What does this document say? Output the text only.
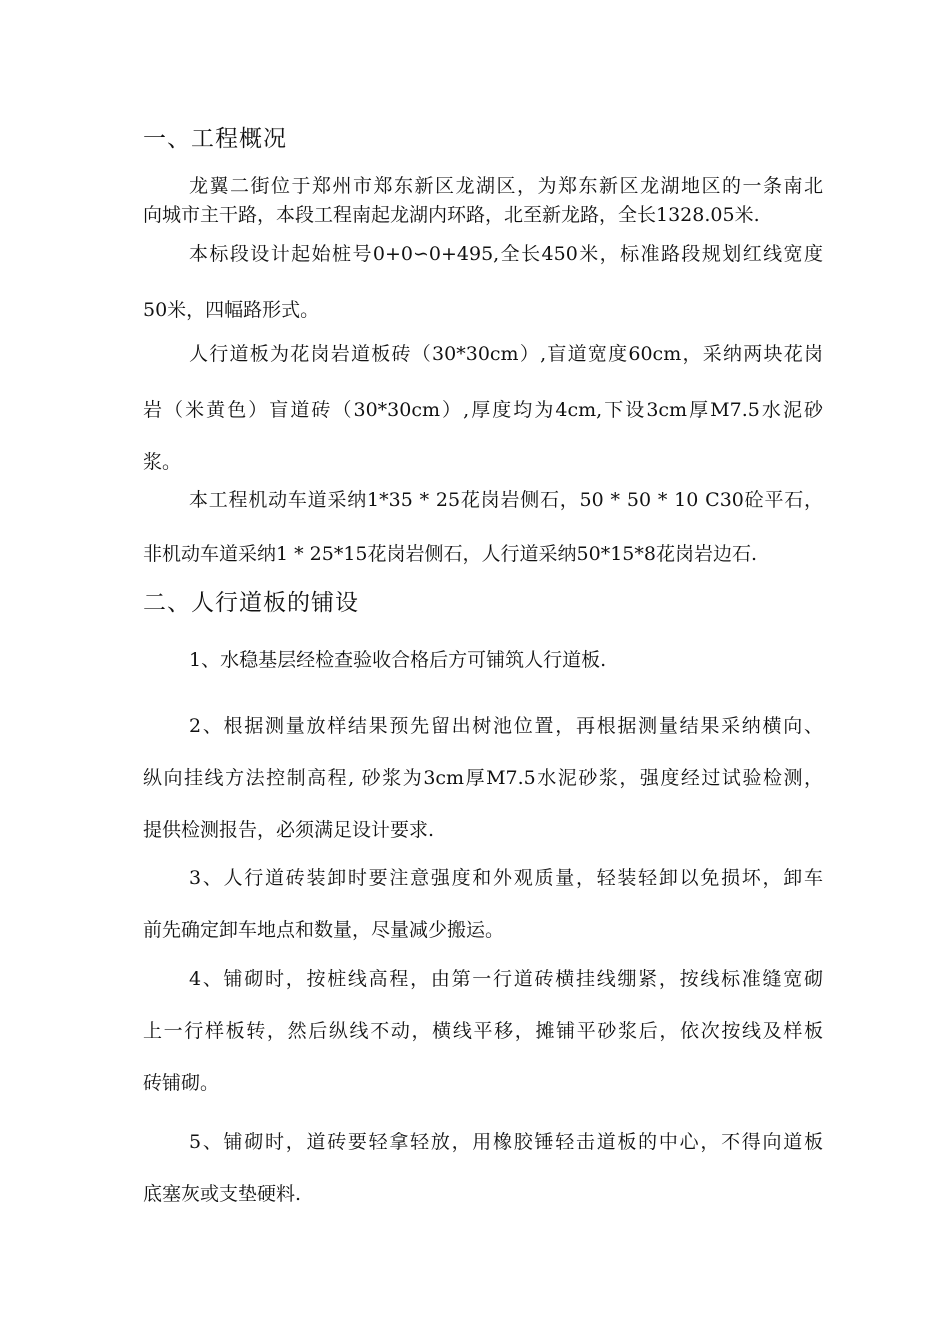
一、工程概况
龙翼二街位于郑州市郑东新区龙湖区，为郑东新区龙湖地区的一条南北
向城市主干路，本段工程南起龙湖内环路，北至新龙路，全长1328.05米.
本标段设计起始桩号0+0∽0+495,全长450米，标准路段规划红线宽度
50米，四幅路形式。
人行道板为花岗岩道板砖（30*30cm）,盲道宽度60cm，采纳两块花岗
岩（米黄色）盲道砖（30*30cm）,厚度均为4cm,下设3cm厚M7.5水泥砂
浆。
本工程机动车道采纳1*35 * 25花岗岩侧石，50 * 50 * 10 C30砼平石，
非机动车道采纳1 * 25*15花岗岩侧石，人行道采纳50*15*8花岗岩边石.
二、人行道板的铺设
1、水稳基层经检查验收合格后方可铺筑人行道板.
2、根据测量放样结果预先留出树池位置，再根据测量结果采纳横向、
纵向挂线方法控制高程, 砂浆为3cm厚M7.5水泥砂浆，强度经过试验检测，
提供检测报告，必须满足设计要求.
3、人行道砖装卸时要注意强度和外观质量，轻装轻卸以免损坏，卸车
前先确定卸车地点和数量，尽量减少搬运。
4、铺砌时，按桩线高程，由第一行道砖横挂线绷紧，按线标准缝宽砌
上一行样板转，然后纵线不动，横线平移，摊铺平砂浆后，依次按线及样板
砖铺砌。
5、铺砌时，道砖要轻拿轻放，用橡胶锤轻击道板的中心，不得向道板
底塞灰或支垫硬料.
